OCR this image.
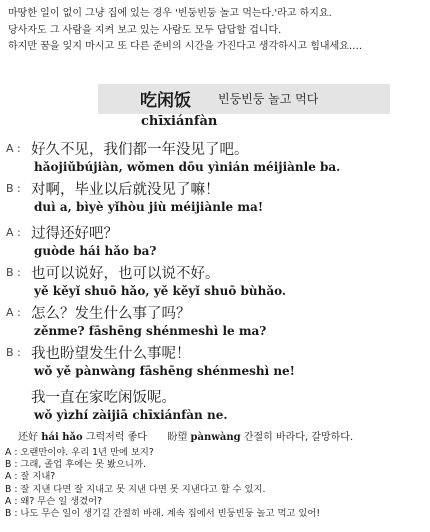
마땅한 일이 없이 그냥 집에 있는 경우 '빈둥빈둥 놀고 먹는다.'라고 하지요.
당사자도 그 사람을 지켜 보고 있는 사람도 모두 답답할 겁니다.
하지만 꿈을 잊지 마시고 또 다른 준비의 시간을 가진다고 생각하시고 힘내세요….
吃闲饭 빈둥빈둥 놀고 먹다
chīxiánfàn
A : 好久不见，我们都一年没见了吧。
hǎojiǔbújiàn, wǒmen dōu yìnián méijiànle ba.
B : 对啊，毕业以后就没见了嘛！
duì a, bìyè yǐhòu jiù méijiànle ma!
A : 过得还好吧？
guòde hái hǎo ba?
B : 也可以说好，也可以说不好。
yě kěyǐ shuō hǎo, yě kěyǐ shuō bùhǎo.
A : 怎么？发生什么事了吗？
zěnme? fāshēng shénmeshì le ma?
B : 我也盼望发生什么事呢！
wǒ yě pànwàng fāshēng shénmeshì ne!
我一直在家吃闲饭呢。
wǒ yìzhí zàijiā chīxiánfàn ne.
还好 hái hǎo 그럭저럭 좋다 盼望 pànwàng 간절히 바라다, 갈망하다.
A : 오랜만이야. 우리 1년 만에 보지?
B : 그래, 졸업 후에는 못 봤으니까.
A : 잘 지내?
B : 잘 지낸 다면 잘 지내고 못 지낸 다면 못 지낸다고 할 수 있지.
A : 왜? 무슨 일 생겼어?
B : 나도 무슨 일이 생기길 간절히 바래. 계속 집에서 빈둥빈둥 놀고 먹고 있어!
